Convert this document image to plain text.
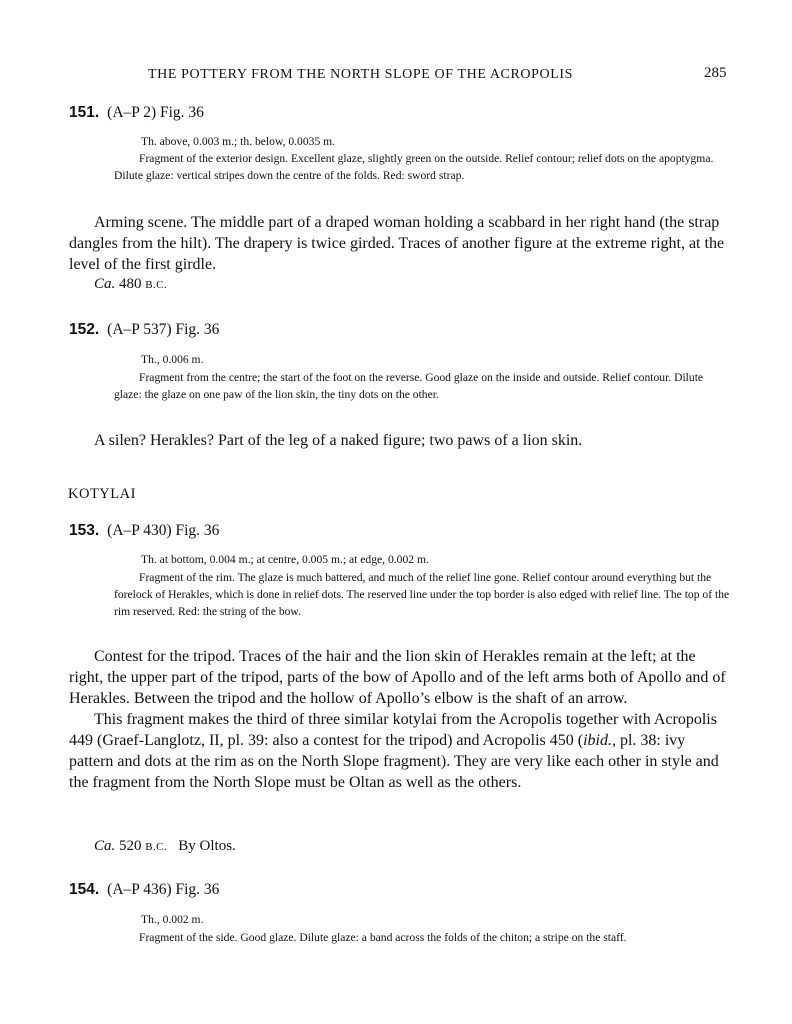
THE POTTERY FROM THE NORTH SLOPE OF THE ACROPOLIS	285
151. (A–P 2) Fig. 36
Th. above, 0.003 m.; th. below, 0.0035 m.

Fragment of the exterior design. Excellent glaze, slightly green on the outside. Relief contour; relief dots on the apoptygma. Dilute glaze: vertical stripes down the centre of the folds. Red: sword strap.

Arming scene. The middle part of a draped woman holding a scabbard in her right hand (the strap dangles from the hilt). The drapery is twice girded. Traces of another figure at the extreme right, at the level of the first girdle.

Ca. 480 B.C.
152. (A–P 537) Fig. 36
Th., 0.006 m.

Fragment from the centre; the start of the foot on the reverse. Good glaze on the inside and outside. Relief contour. Dilute glaze: the glaze on one paw of the lion skin, the tiny dots on the other.

A silen? Herakles? Part of the leg of a naked figure; two paws of a lion skin.

KOTYLAI
153. (A–P 430) Fig. 36
Th. at bottom, 0.004 m.; at centre, 0.005 m.; at edge, 0.002 m.

Fragment of the rim. The glaze is much battered, and much of the relief line gone. Relief contour around everything but the forelock of Herakles, which is done in relief dots. The reserved line under the top border is also edged with relief line. The top of the rim reserved. Red: the string of the bow.

Contest for the tripod. Traces of the hair and the lion skin of Herakles remain at the left; at the right, the upper part of the tripod, parts of the bow of Apollo and of the left arms both of Apollo and of Herakles. Between the tripod and the hollow of Apollo’s elbow is the shaft of an arrow.

This fragment makes the third of three similar kotylai from the Acropolis together with Acropolis 449 (Graef-Langlotz, II, pl. 39: also a contest for the tripod) and Acropolis 450 (ibid., pl. 38: ivy pattern and dots at the rim as on the North Slope fragment). They are very like each other in style and the fragment from the North Slope must be Oltan as well as the others.

Ca. 520 B.C. By Oltos.
154. (A–P 436) Fig. 36
Th., 0.002 m.

Fragment of the side. Good glaze. Dilute glaze: a band across the folds of the chiton; a stripe on the staff.
